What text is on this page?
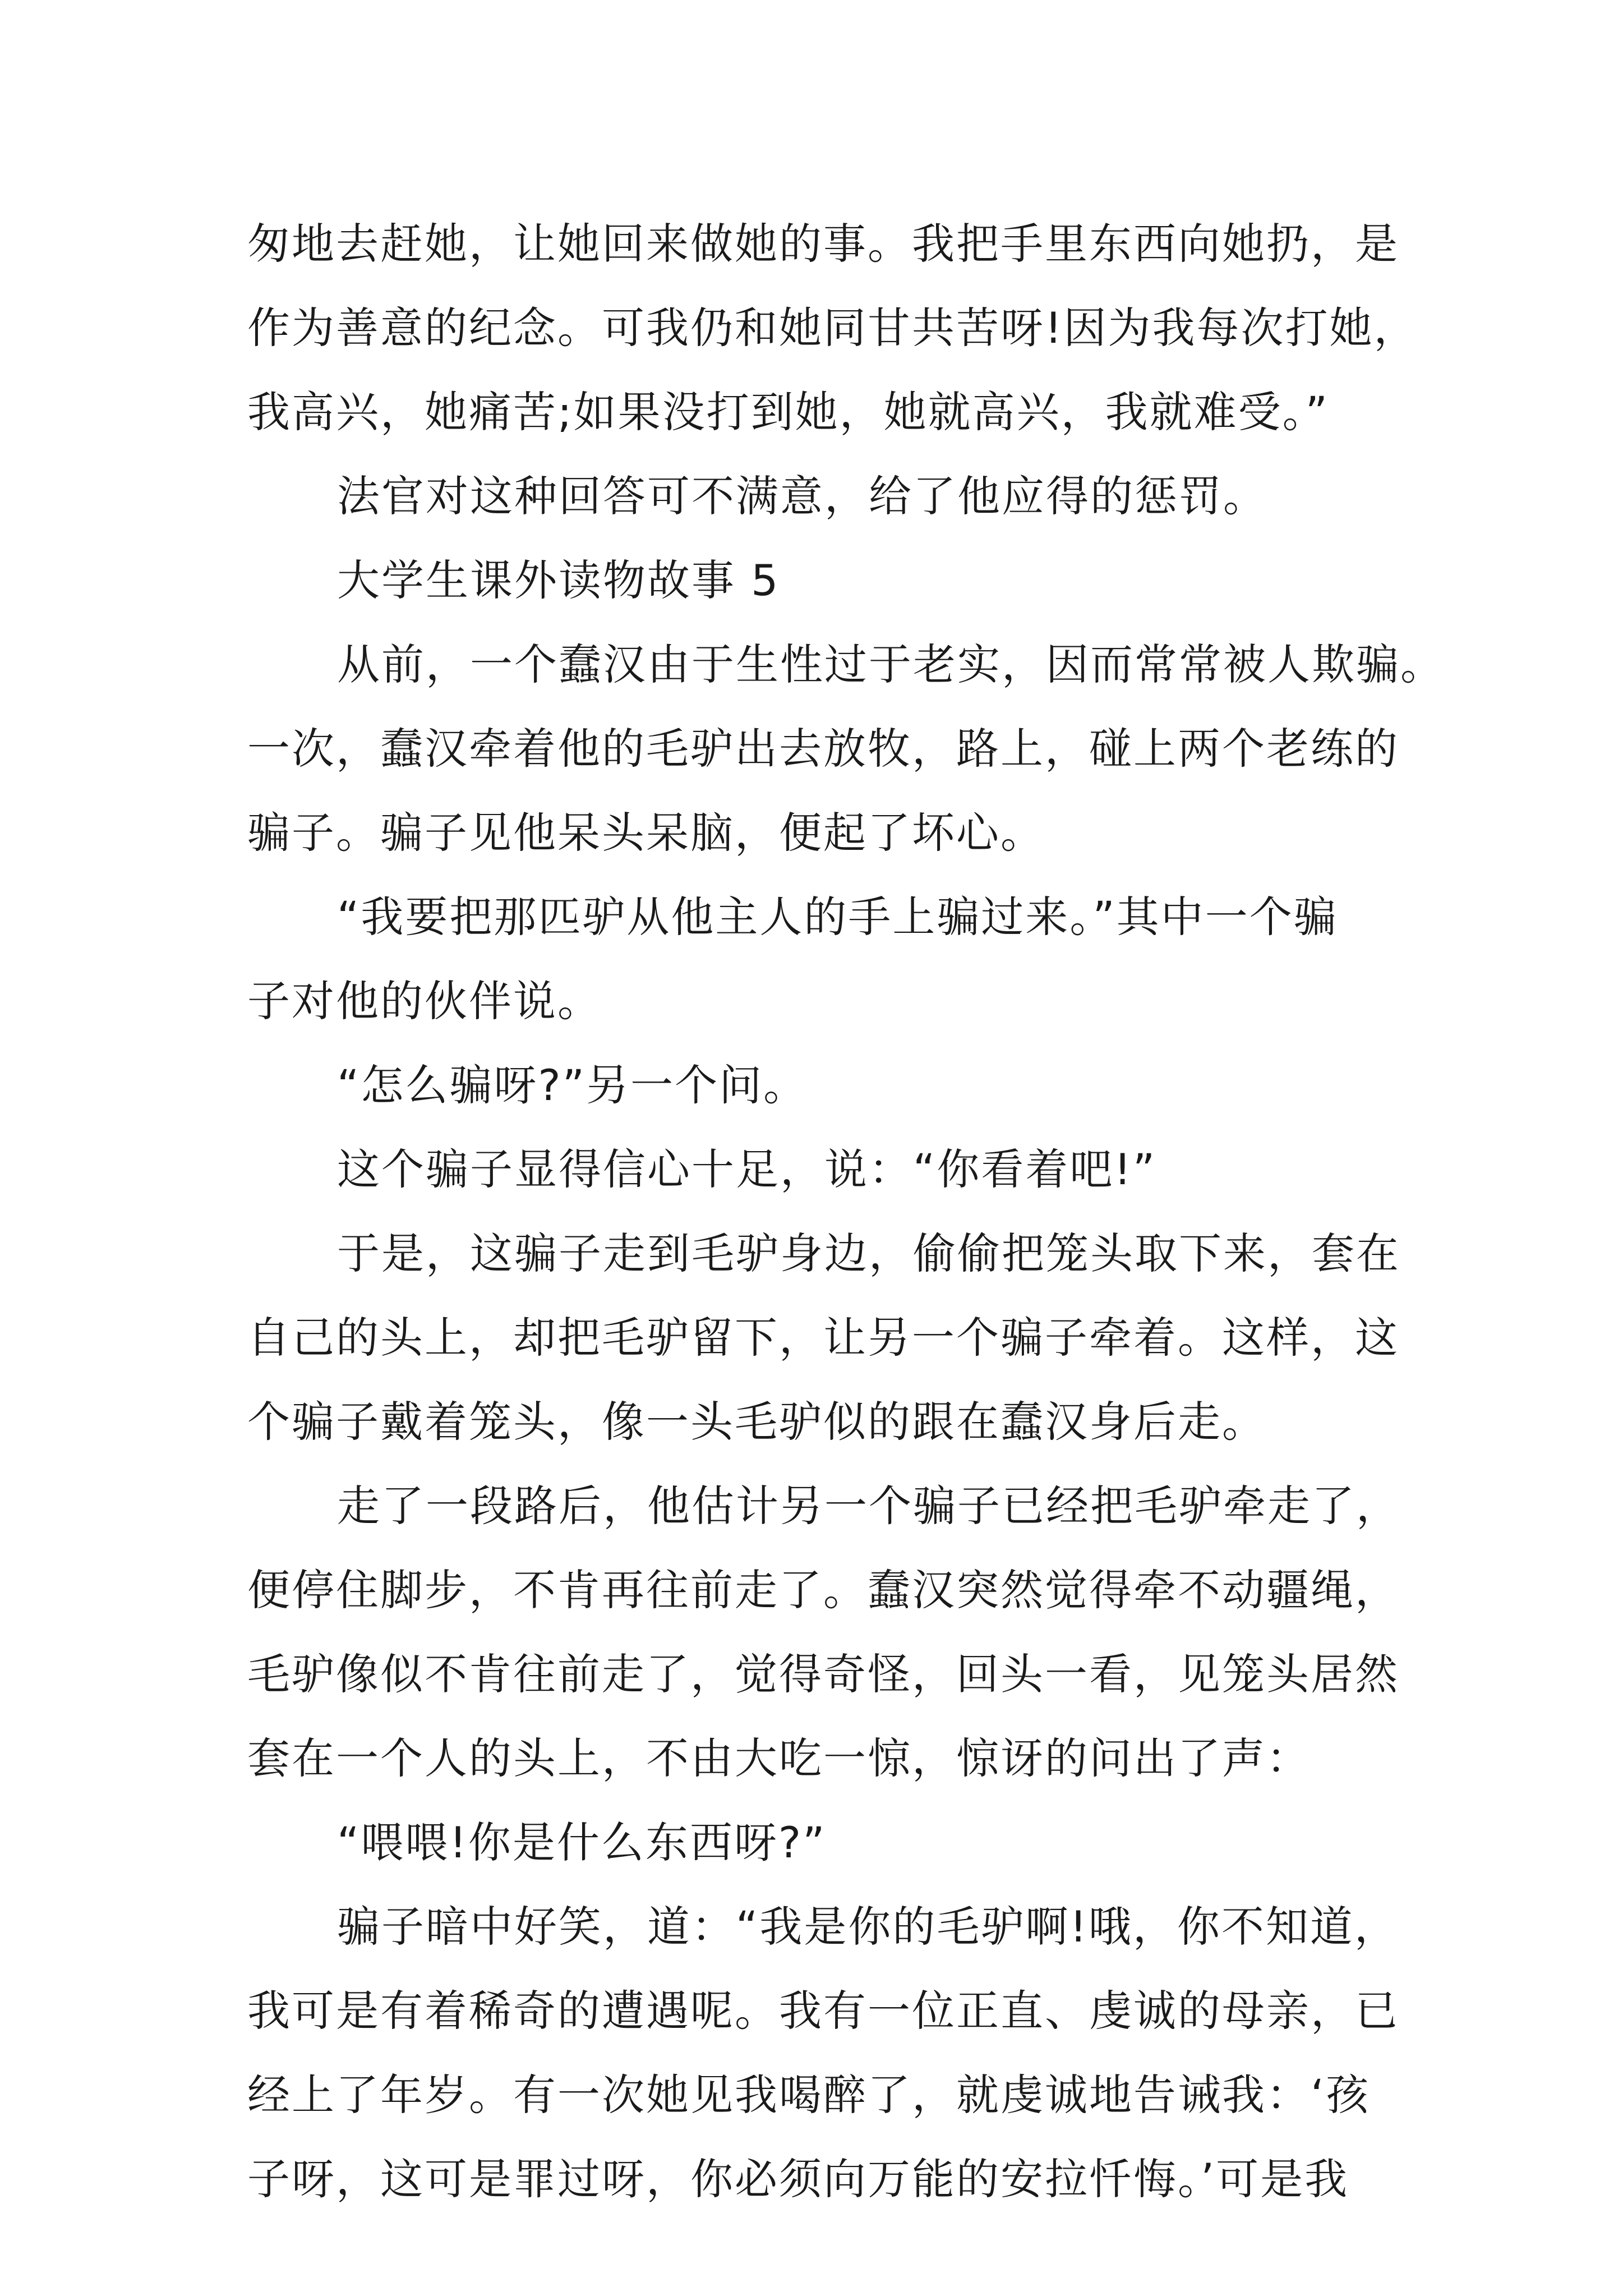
匆地去赶她，让她回来做她的事。我把手里东西向她扔，是
作为善意的纪念。可我仍和她同甘共苦呀!因为我每次打她，
我高兴，她痛苦;如果没打到她，她就高兴，我就难受。”
法官对这种回答可不满意，给了他应得的惩罚。
大学生课外读物故事 5
从前，一个蠢汉由于生性过于老实，因而常常被人欺骗。
一次，蠢汉牵着他的毛驴出去放牧，路上，碰上两个老练的
骗子。骗子见他呆头呆脑，便起了坏心。
“我要把那匹驴从他主人的手上骗过来。”其中一个骗
子对他的伙伴说。
“怎么骗呀?”另一个问。
这个骗子显得信心十足，说：“你看着吧!”
于是，这骗子走到毛驴身边，偷偷把笼头取下来，套在
自己的头上，却把毛驴留下，让另一个骗子牵着。这样，这
个骗子戴着笼头，像一头毛驴似的跟在蠢汉身后走。
走了一段路后，他估计另一个骗子已经把毛驴牵走了，
便停住脚步，不肯再往前走了。蠢汉突然觉得牵不动疆绳，
毛驴像似不肯往前走了，觉得奇怪，回头一看，见笼头居然
套在一个人的头上，不由大吃一惊，惊讶的问出了声：
“喂喂!你是什么东西呀?”
骗子暗中好笑，道：“我是你的毛驴啊!哦，你不知道，
我可是有着稀奇的遭遇呢。我有一位正直、虔诚的母亲，已
经上了年岁。有一次她见我喝醉了，就虔诚地告诫我：‘孩
子呀，这可是罪过呀，你必须向万能的安拉忏悔。’可是我
